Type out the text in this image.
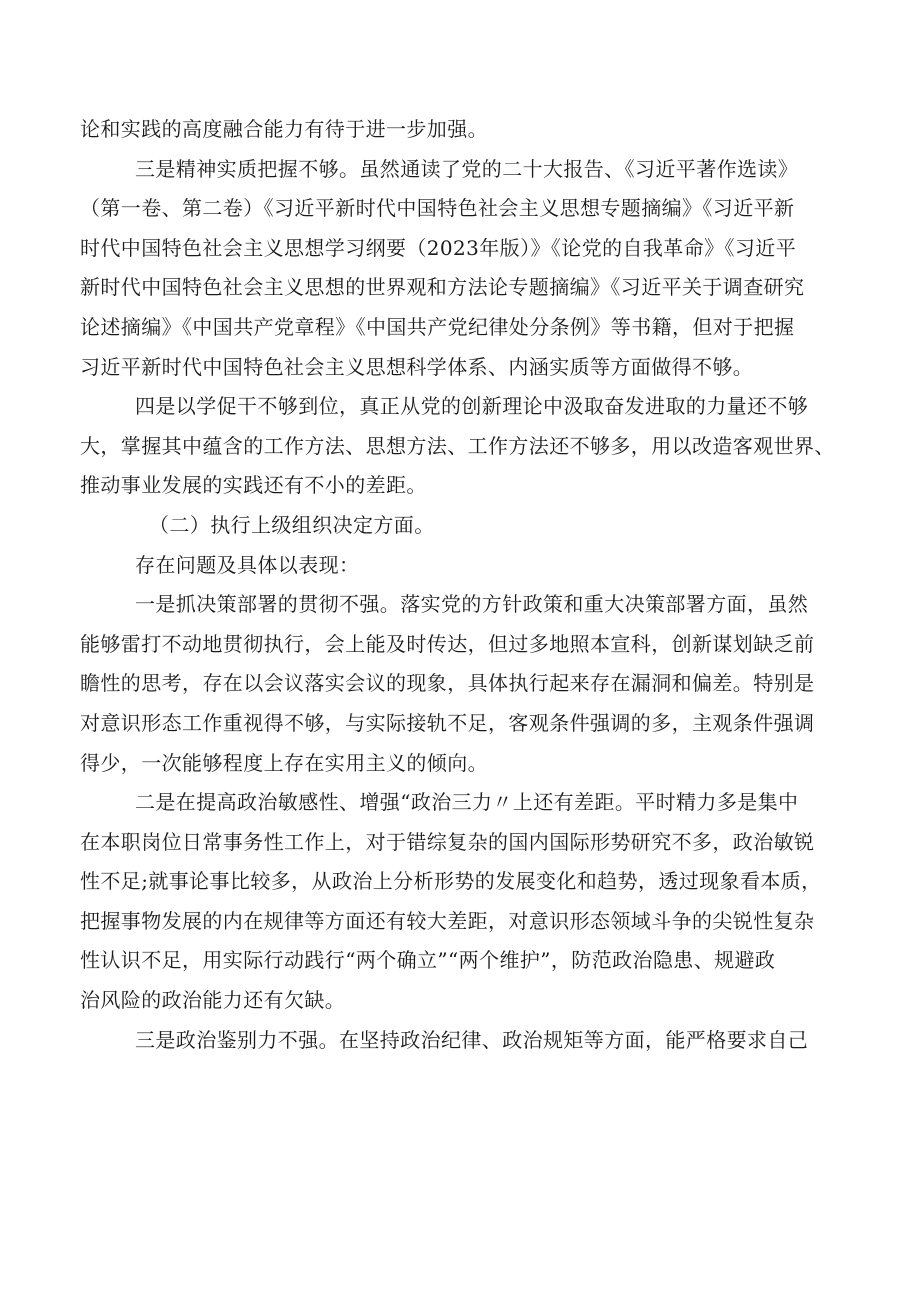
论和实践的高度融合能力有待于进一步加强。
三是精神实质把握不够。虽然通读了党的二十大报告、《习近平著作选读》
（第一卷、第二卷）《习近平新时代中国特色社会主义思想专题摘编》《习近平新
时代中国特色社会主义思想学习纲要（2023年版）》《论党的自我革命》《习近平
新时代中国特色社会主义思想的世界观和方法论专题摘编》《习近平关于调查研究
论述摘编》《中国共产党章程》《中国共产党纪律处分条例》等书籍，但对于把握
习近平新时代中国特色社会主义思想科学体系、内涵实质等方面做得不够。
四是以学促干不够到位，真正从党的创新理论中汲取奋发进取的力量还不够
大，掌握其中蕴含的工作方法、思想方法、工作方法还不够多，用以改造客观世界、
推动事业发展的实践还有不小的差距。
（二）执行上级组织决定方面。
存在问题及具体以表现：
一是抓决策部署的贯彻不强。落实党的方针政策和重大决策部署方面，虽然
能够雷打不动地贯彻执行，会上能及时传达，但过多地照本宣科，创新谋划缺乏前
瞻性的思考，存在以会议落实会议的现象，具体执行起来存在漏洞和偏差。特别是
对意识形态工作重视得不够，与实际接轨不足，客观条件强调的多，主观条件强调
得少，一次能够程度上存在实用主义的倾向。
二是在提高政治敏感性、增强“政治三力〃上还有差距。平时精力多是集中
在本职岗位日常事务性工作上，对于错综复杂的国内国际形势研究不多，政治敏锐
性不足;就事论事比较多，从政治上分析形势的发展变化和趋势，透过现象看本质，
把握事物发展的内在规律等方面还有较大差距，对意识形态领域斗争的尖锐性复杂
性认识不足，用实际行动践行“两个确立”“两个维护”，防范政治隐患、规避政
治风险的政治能力还有欠缺。
三是政治鉴别力不强。在坚持政治纪律、政治规矩等方面，能严格要求自己
